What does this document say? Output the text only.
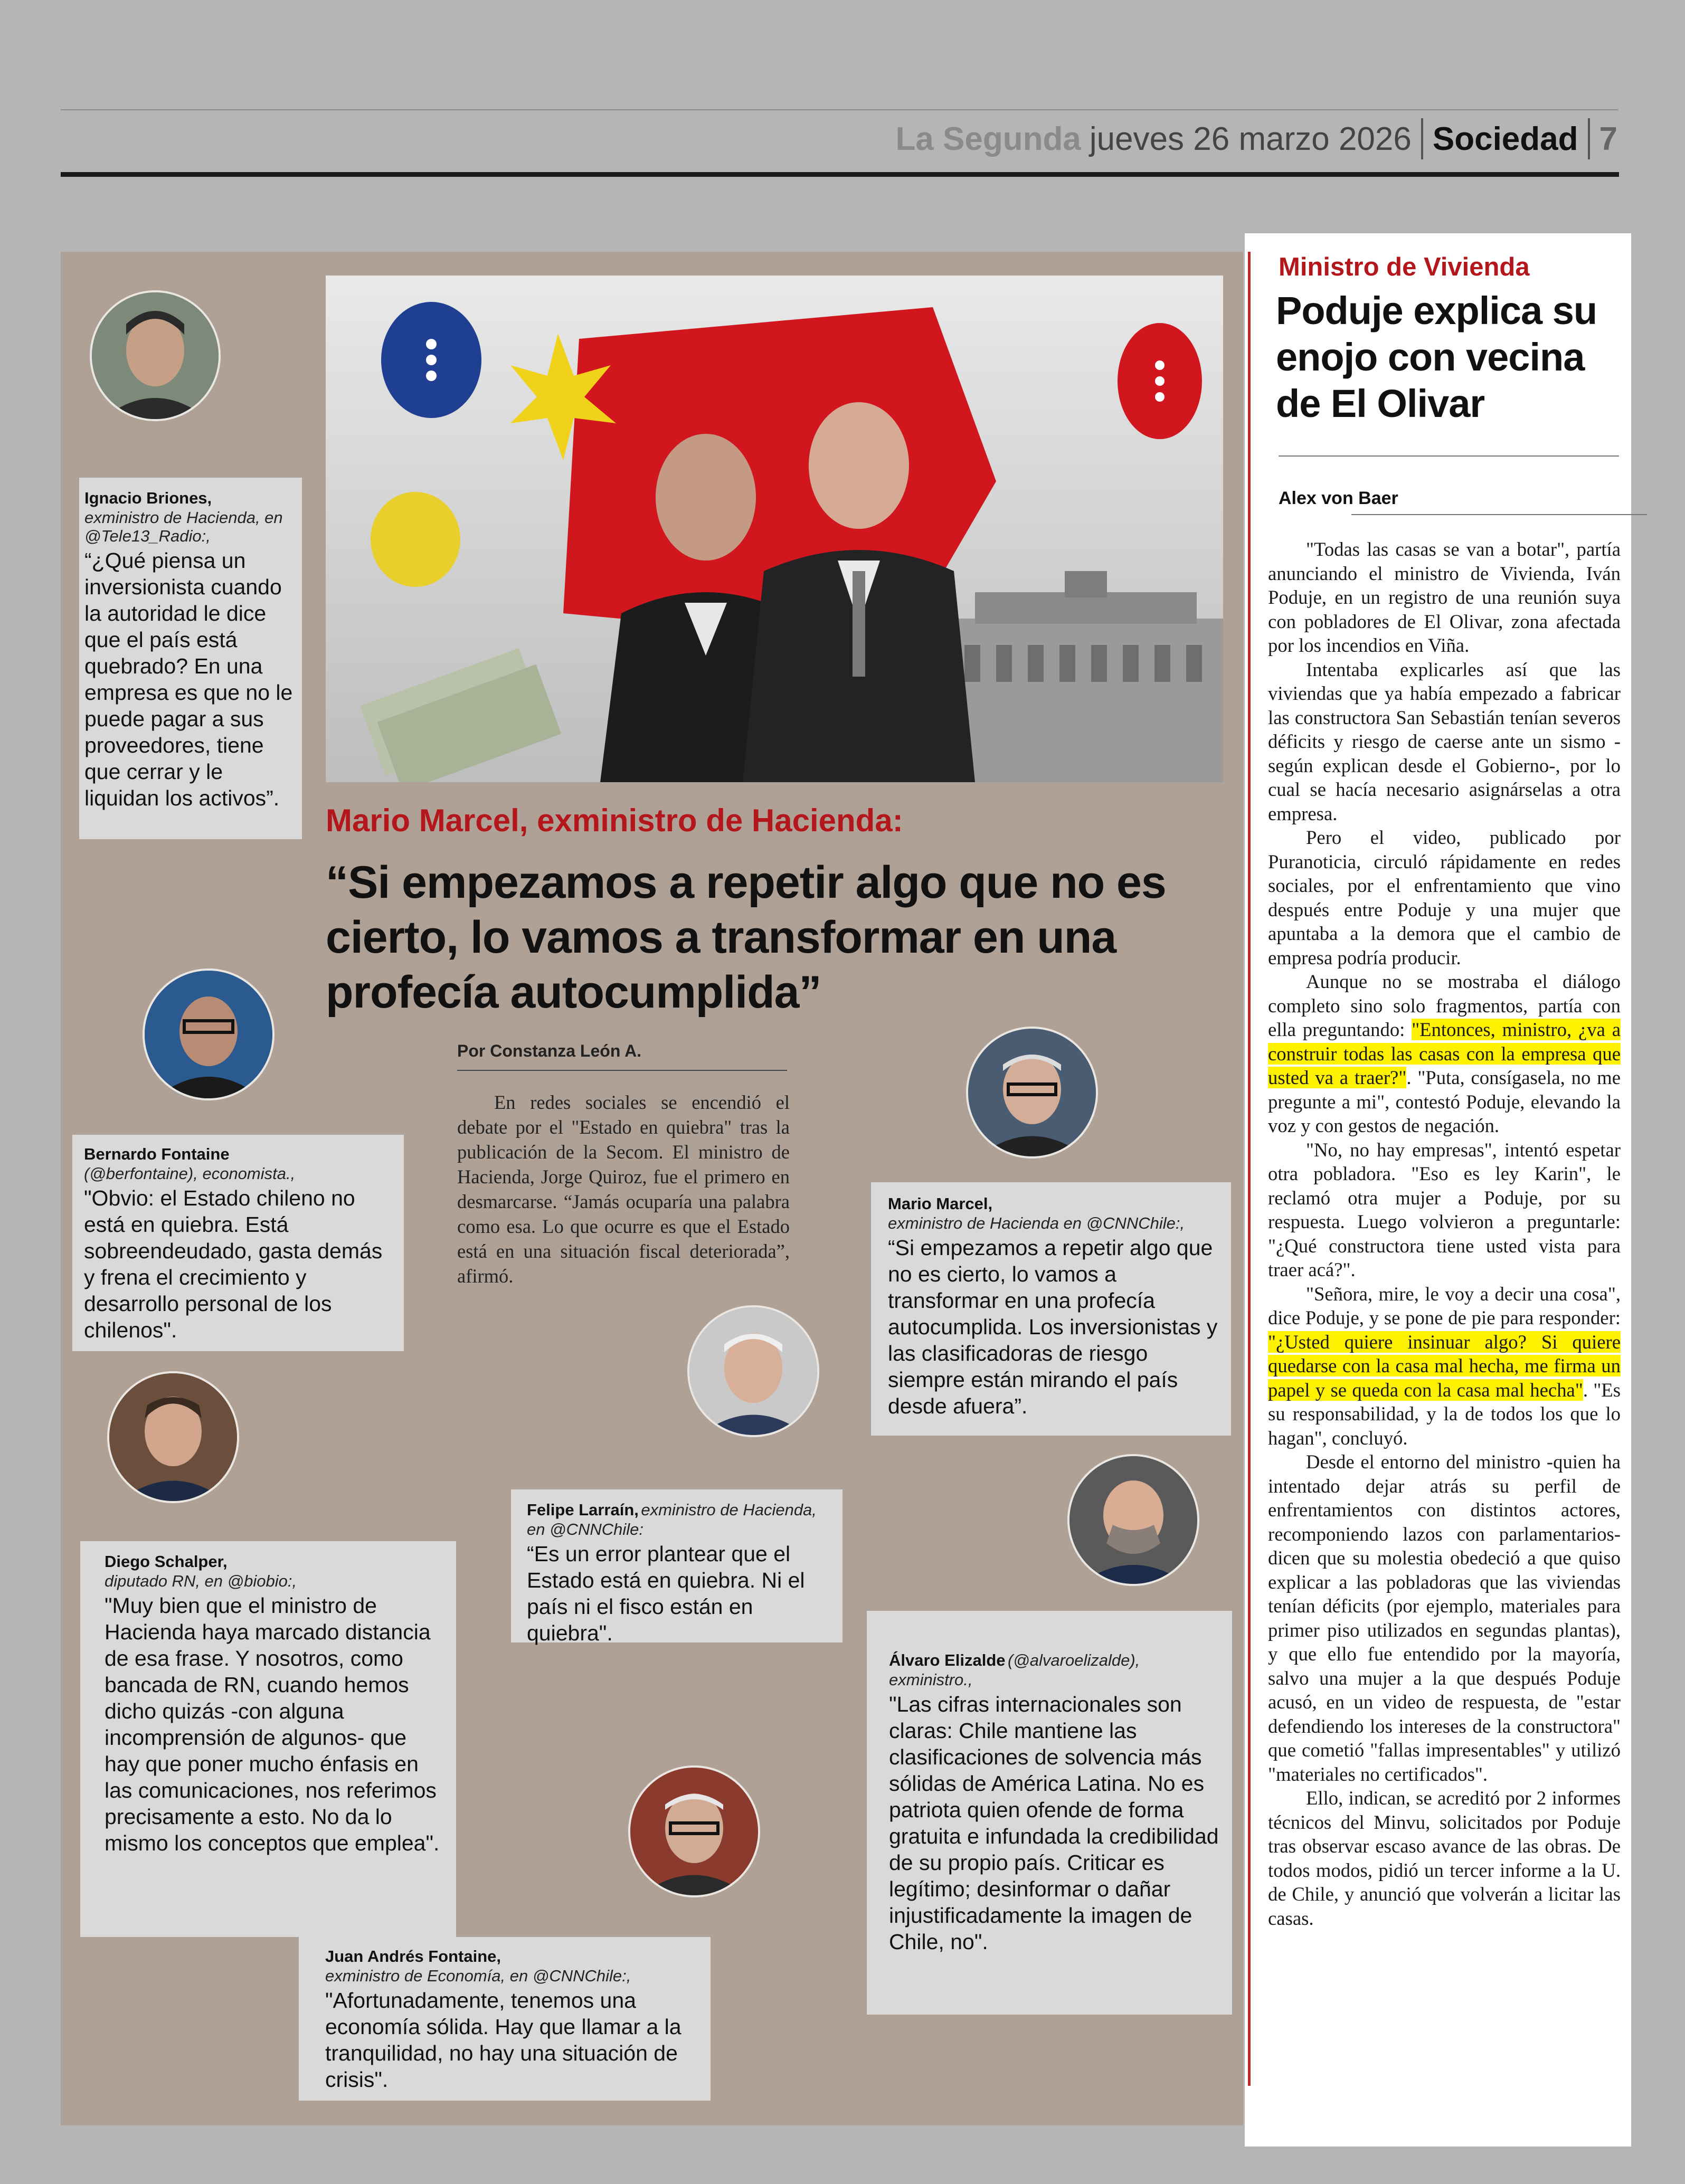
La Segunda jueves 26 marzo 2026 Sociedad 7
Mario Marcel, exministro de Hacienda:
“Si empezamos a repetir algo que no es cierto, lo vamos a transformar en una profecía autocumplida”
Por Constanza León A.
En redes sociales se encendió el debate por el "Estado en quiebra" tras la publicación de la Secom. El ministro de Hacienda, Jorge Quiroz, fue el primero en desmarcarse. “Jamás ocuparía una palabra como esa. Lo que ocurre es que el Estado está en una situación fiscal deteriorada”, afirmó.
Ignacio Briones,
exministro de Hacienda, en @Tele13_Radio:,
“¿Qué piensa un inversionista cuando la autoridad le dice que el país está quebrado? En una empresa es que no le puede pagar a sus proveedores, tiene que cerrar y le liquidan los activos”.
Bernardo Fontaine
(@berfontaine), economista.,
"Obvio: el Estado chileno no está en quiebra. Está sobreendeudado, gasta demás y frena el crecimiento y desarrollo personal de los chilenos".
Diego Schalper,
diputado RN, en @biobio:,
"Muy bien que el ministro de Hacienda haya marcado distancia de esa frase. Y nosotros, como bancada de RN, cuando hemos dicho quizás -con alguna incomprensión de algunos- que hay que poner mucho énfasis en las comunicaciones, nos referimos precisamente a esto. No da lo mismo los conceptos que emplea".
Juan Andrés Fontaine,
exministro de Economía, en @CNNChile:,
"Afortunadamente, tenemos una economía sólida. Hay que llamar a la tranquilidad, no hay una situación de crisis".
Felipe Larraín, exministro de Hacienda, en @CNNChile:
“Es un error plantear que el Estado está en quiebra. Ni el país ni el fisco están en quiebra".
Mario Marcel,
exministro de Hacienda en @CNNChile:,
“Si empezamos a repetir algo que no es cierto, lo vamos a transformar en una profecía autocumplida. Los inversionistas y las clasificadoras de riesgo siempre están mirando el país desde afuera”.
Álvaro Elizalde (@alvaroelizalde),
exministro.,
"Las cifras internacionales son claras: Chile mantiene las clasificaciones de solvencia más sólidas de América Latina. No es patriota quien ofende de forma gratuita e infundada la credibilidad de su propio país. Criticar es legítimo; desinformar o dañar injustificadamente la imagen de Chile, no".
Ministro de Vivienda
Poduje explica su enojo con vecina de El Olivar
Alex von Baer

"Todas las casas se van a botar", partía anunciando el ministro de Vivienda, Iván Poduje, en un registro de una reunión suya con pobladores de El Olivar, zona afectada por los incendios en Viña.

Intentaba explicarles así que las viviendas que ya había empezado a fabricar las constructora San Sebastián tenían severos déficits y riesgo de caerse ante un sismo -según explican desde el Gobierno-, por lo cual se hacía necesario asignárselas a otra empresa.

Pero el video, publicado por Puranoticia, circuló rápidamente en redes sociales, por el enfrentamiento que vino después entre Poduje y una mujer que apuntaba a la demora que el cambio de empresa podría producir.

Aunque no se mostraba el diálogo completo sino solo fragmentos, partía con ella preguntando: "Entonces, ministro, ¿va a construir todas las casas con la empresa que usted va a traer?". "Puta, consígasela, no me pregunte a mi", contestó Poduje, elevando la voz y con gestos de negación.

"No, no hay empresas", intentó espetar otra pobladora. "Eso es ley Karin", le reclamó otra mujer a Poduje, por su respuesta. Luego volvieron a preguntarle: "¿Qué constructora tiene usted vista para traer acá?".

"Señora, mire, le voy a decir una cosa", dice Poduje, y se pone de pie para responder: "¿Usted quiere insinuar algo? Si quiere quedarse con la casa mal hecha, me firma un papel y se queda con la casa mal hecha". "Es su responsabilidad, y la de todos los que lo hagan", concluyó.

Desde el entorno del ministro -quien ha intentado dejar atrás su perfil de enfrentamientos con distintos actores, recomponiendo lazos con parlamentarios- dicen que su molestia obedeció a que quiso explicar a las pobladoras que las viviendas tenían déficits (por ejemplo, materiales para primer piso utilizados en segundas plantas), y que ello fue entendido por la mayoría, salvo una mujer a la que después Poduje acusó, en un video de respuesta, de "estar defendiendo los intereses de la constructora" que cometió "fallas impresentables" y utilizó "materiales no certificados".

Ello, indican, se acreditó por 2 informes técnicos del Minvu, solicitados por Poduje tras observar escaso avance de las obras. De todos modos, pidió un tercer informe a la U. de Chile, y anunció que volverán a licitar las casas.
